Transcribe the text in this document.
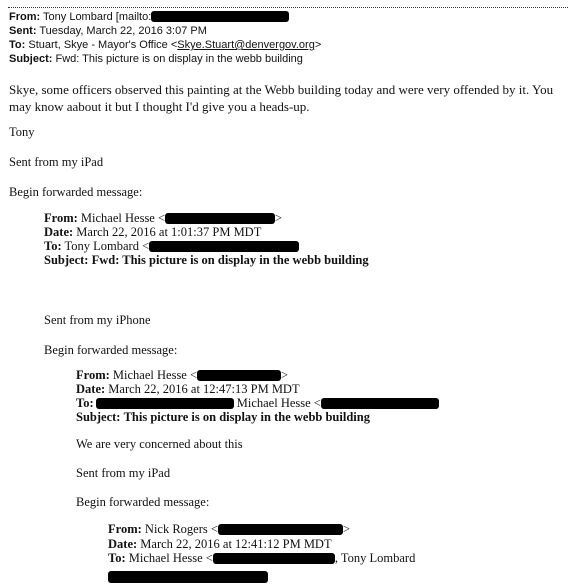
From: Tony Lombard [mailto:
Sent: Tuesday, March 22, 2016 3:07 PM
To: Stuart, Skye - Mayor's Office <Skye.Stuart@denvergov.org>
Subject: Fwd: This picture is on display in the webb building
Skye, some officers observed this painting at the Webb building today and were very offended by it. You may know aabout it but I thought I'd give you a heads-up.
Tony
Sent from my iPad
Begin forwarded message:
From: Michael Hesse <	>
Date: March 22, 2016 at 1:01:37 PM MDT
To: Tony Lombard <
Subject: Fwd: This picture is on display in the webb building
Sent from my iPhone
Begin forwarded message:
From: Michael Hesse <	>
Date: March 22, 2016 at 12:47:13 PM MDT
To:	Michael Hesse <
Subject: This picture is on display in the webb building
We are very concerned about this
Sent from my iPad
Begin forwarded message:
From: Nick Rogers <	>
Date: March 22, 2016 at 12:41:12 PM MDT
To: Michael Hesse <	, Tony Lombard
